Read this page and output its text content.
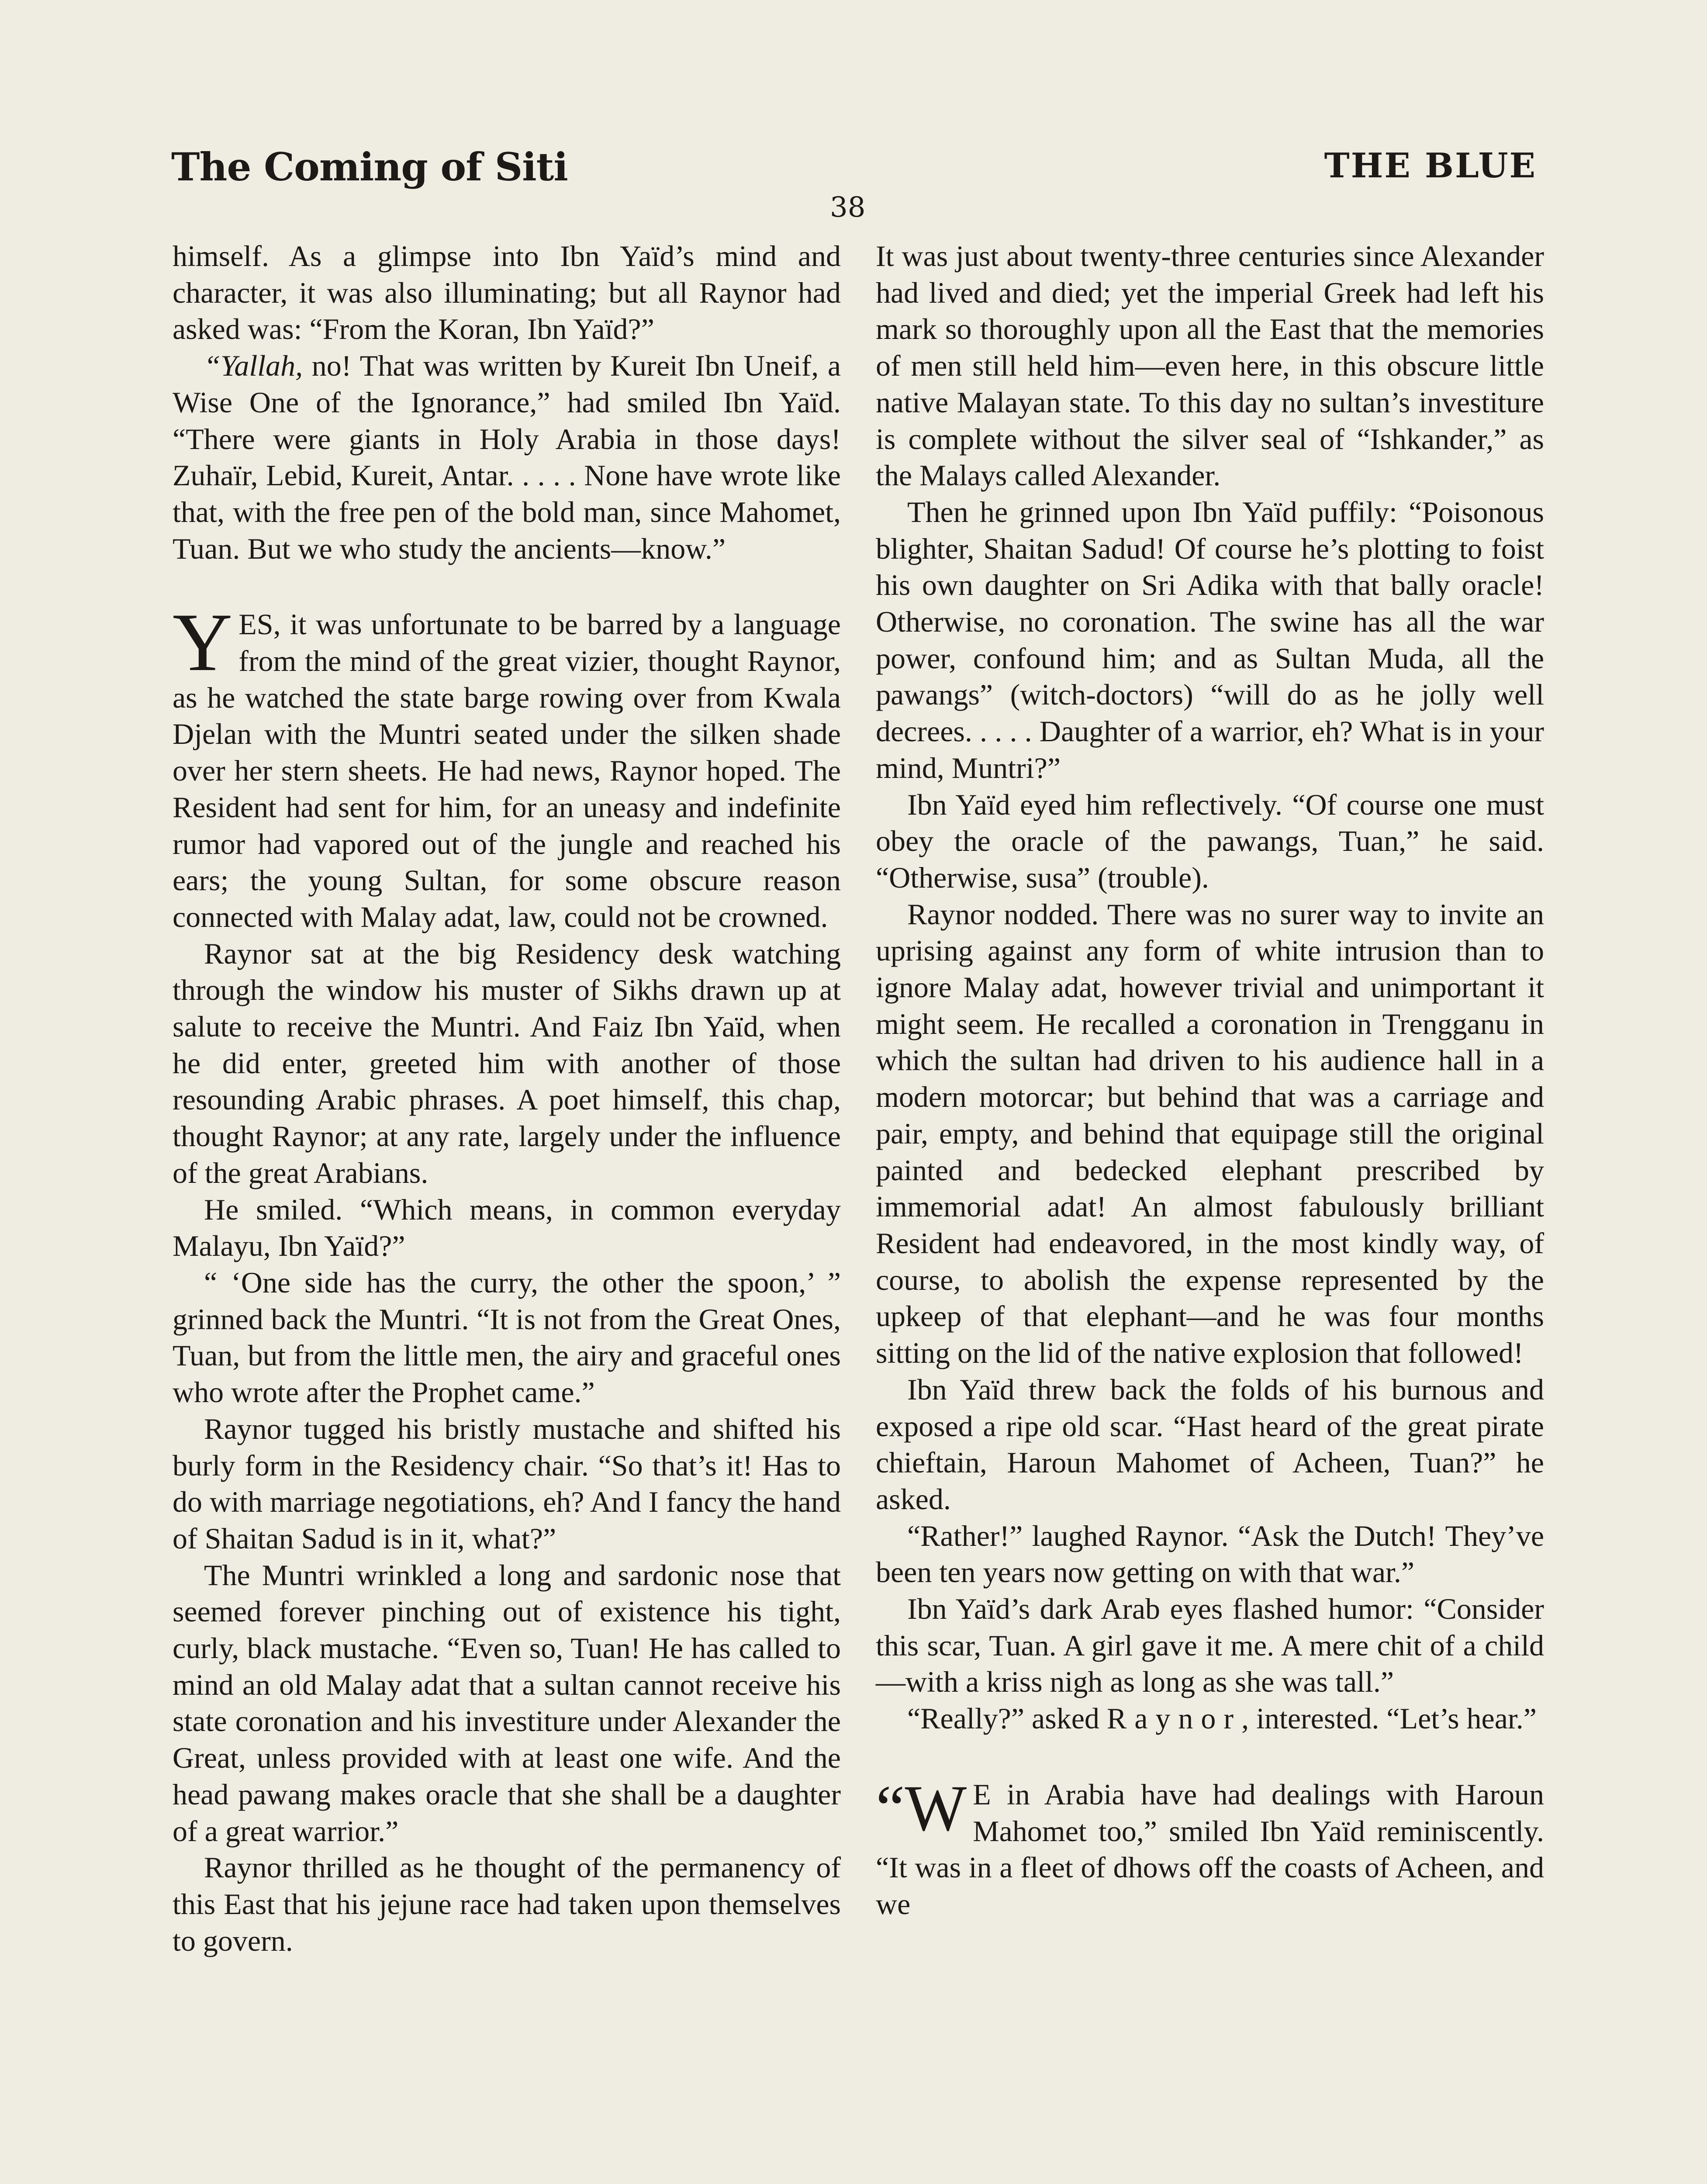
The Coming of Siti	THE BLUE
38

himself. As a glimpse into Ibn Yaïd’s mind and character, it was also illuminating; but all Raynor had asked was: “From the Koran, Ibn Yaïd?”

“Yallah, no! That was written by Kureit Ibn Uneif, a Wise One of the Ignorance,” had smiled Ibn Yaïd. “There were giants in Holy Arabia in those days! Zuhaïr, Lebid, Kureit, Antar. . . . . None have wrote like that, with the free pen of the bold man, since Mahomet, Tuan. But we who study the ancients—know.”

YES, it was unfortunate to be barred by a language from the mind of the great vizier, thought Raynor, as he watched the state barge rowing over from Kwala Djelan with the Muntri seated under the silken shade over her stern sheets. He had news, Raynor hoped. The Resident had sent for him, for an uneasy and indefinite rumor had vapored out of the jungle and reached his ears; the young Sultan, for some obscure reason connected with Malay adat, law, could not be crowned.

Raynor sat at the big Residency desk watching through the window his muster of Sikhs drawn up at salute to receive the Muntri. And Faiz Ibn Yaïd, when he did enter, greeted him with another of those resounding Arabic phrases. A poet himself, this chap, thought Raynor; at any rate, largely under the influence of the great Arabians.

He smiled. “Which means, in common everyday Malayu, Ibn Yaïd?”

“ ‘One side has the curry, the other the spoon,’ ” grinned back the Muntri. “It is not from the Great Ones, Tuan, but from the little men, the airy and graceful ones who wrote after the Prophet came.”

Raynor tugged his bristly mustache and shifted his burly form in the Residency chair. “So that’s it! Has to do with marriage negotiations, eh? And I fancy the hand of Shaitan Sadud is in it, what?”

The Muntri wrinkled a long and sardonic nose that seemed forever pinching out of existence his tight, curly, black mustache. “Even so, Tuan! He has called to mind an old Malay adat that a sultan cannot receive his state coronation and his investiture under Alexander the Great, unless provided with at least one wife. And the head pawang makes oracle that she shall be a daughter of a great warrior.”

Raynor thrilled as he thought of the permanency of this East that his jejune race had taken upon themselves to govern.

It was just about twenty-three centuries since Alexander had lived and died; yet the imperial Greek had left his mark so thoroughly upon all the East that the memories of men still held him—even here, in this obscure little native Malayan state. To this day no sultan’s investiture is complete without the silver seal of “Ishkander,” as the Malays called Alexander.

Then he grinned upon Ibn Yaïd puffily: “Poisonous blighter, Shaitan Sadud! Of course he’s plotting to foist his own daughter on Sri Adika with that bally oracle! Otherwise, no coronation. The swine has all the war power, confound him; and as Sultan Muda, all the pawangs” (witch-doctors) “will do as he jolly well decrees. . . . . Daughter of a warrior, eh? What is in your mind, Muntri?”

Ibn Yaïd eyed him reflectively. “Of course one must obey the oracle of the pawangs, Tuan,” he said. “Otherwise, susa” (trouble).

Raynor nodded. There was no surer way to invite an uprising against any form of white intrusion than to ignore Malay adat, however trivial and unimportant it might seem. He recalled a coronation in Trengganu in which the sultan had driven to his audience hall in a modern motorcar; but behind that was a carriage and pair, empty, and behind that equipage still the original painted and bedecked elephant prescribed by immemorial adat! An almost fabulously brilliant Resident had endeavored, in the most kindly way, of course, to abolish the expense represented by the upkeep of that elephant—and he was four months sitting on the lid of the native explosion that followed!

Ibn Yaïd threw back the folds of his burnous and exposed a ripe old scar. “Hast heard of the great pirate chieftain, Haroun Mahomet of Acheen, Tuan?” he asked.

“Rather!” laughed Raynor. “Ask the Dutch! They’ve been ten years now getting on with that war.”

Ibn Yaïd’s dark Arab eyes flashed humor: “Consider this scar, Tuan. A girl gave it me. A mere chit of a child—with a kriss nigh as long as she was tall.”

“Really?” asked Raynor, interested. “Let’s hear.”

“W E in Arabia have had dealings with Haroun Mahomet too,” smiled Ibn Yaïd reminiscently. “It was in a fleet of dhows off the coasts of Acheen, and we
